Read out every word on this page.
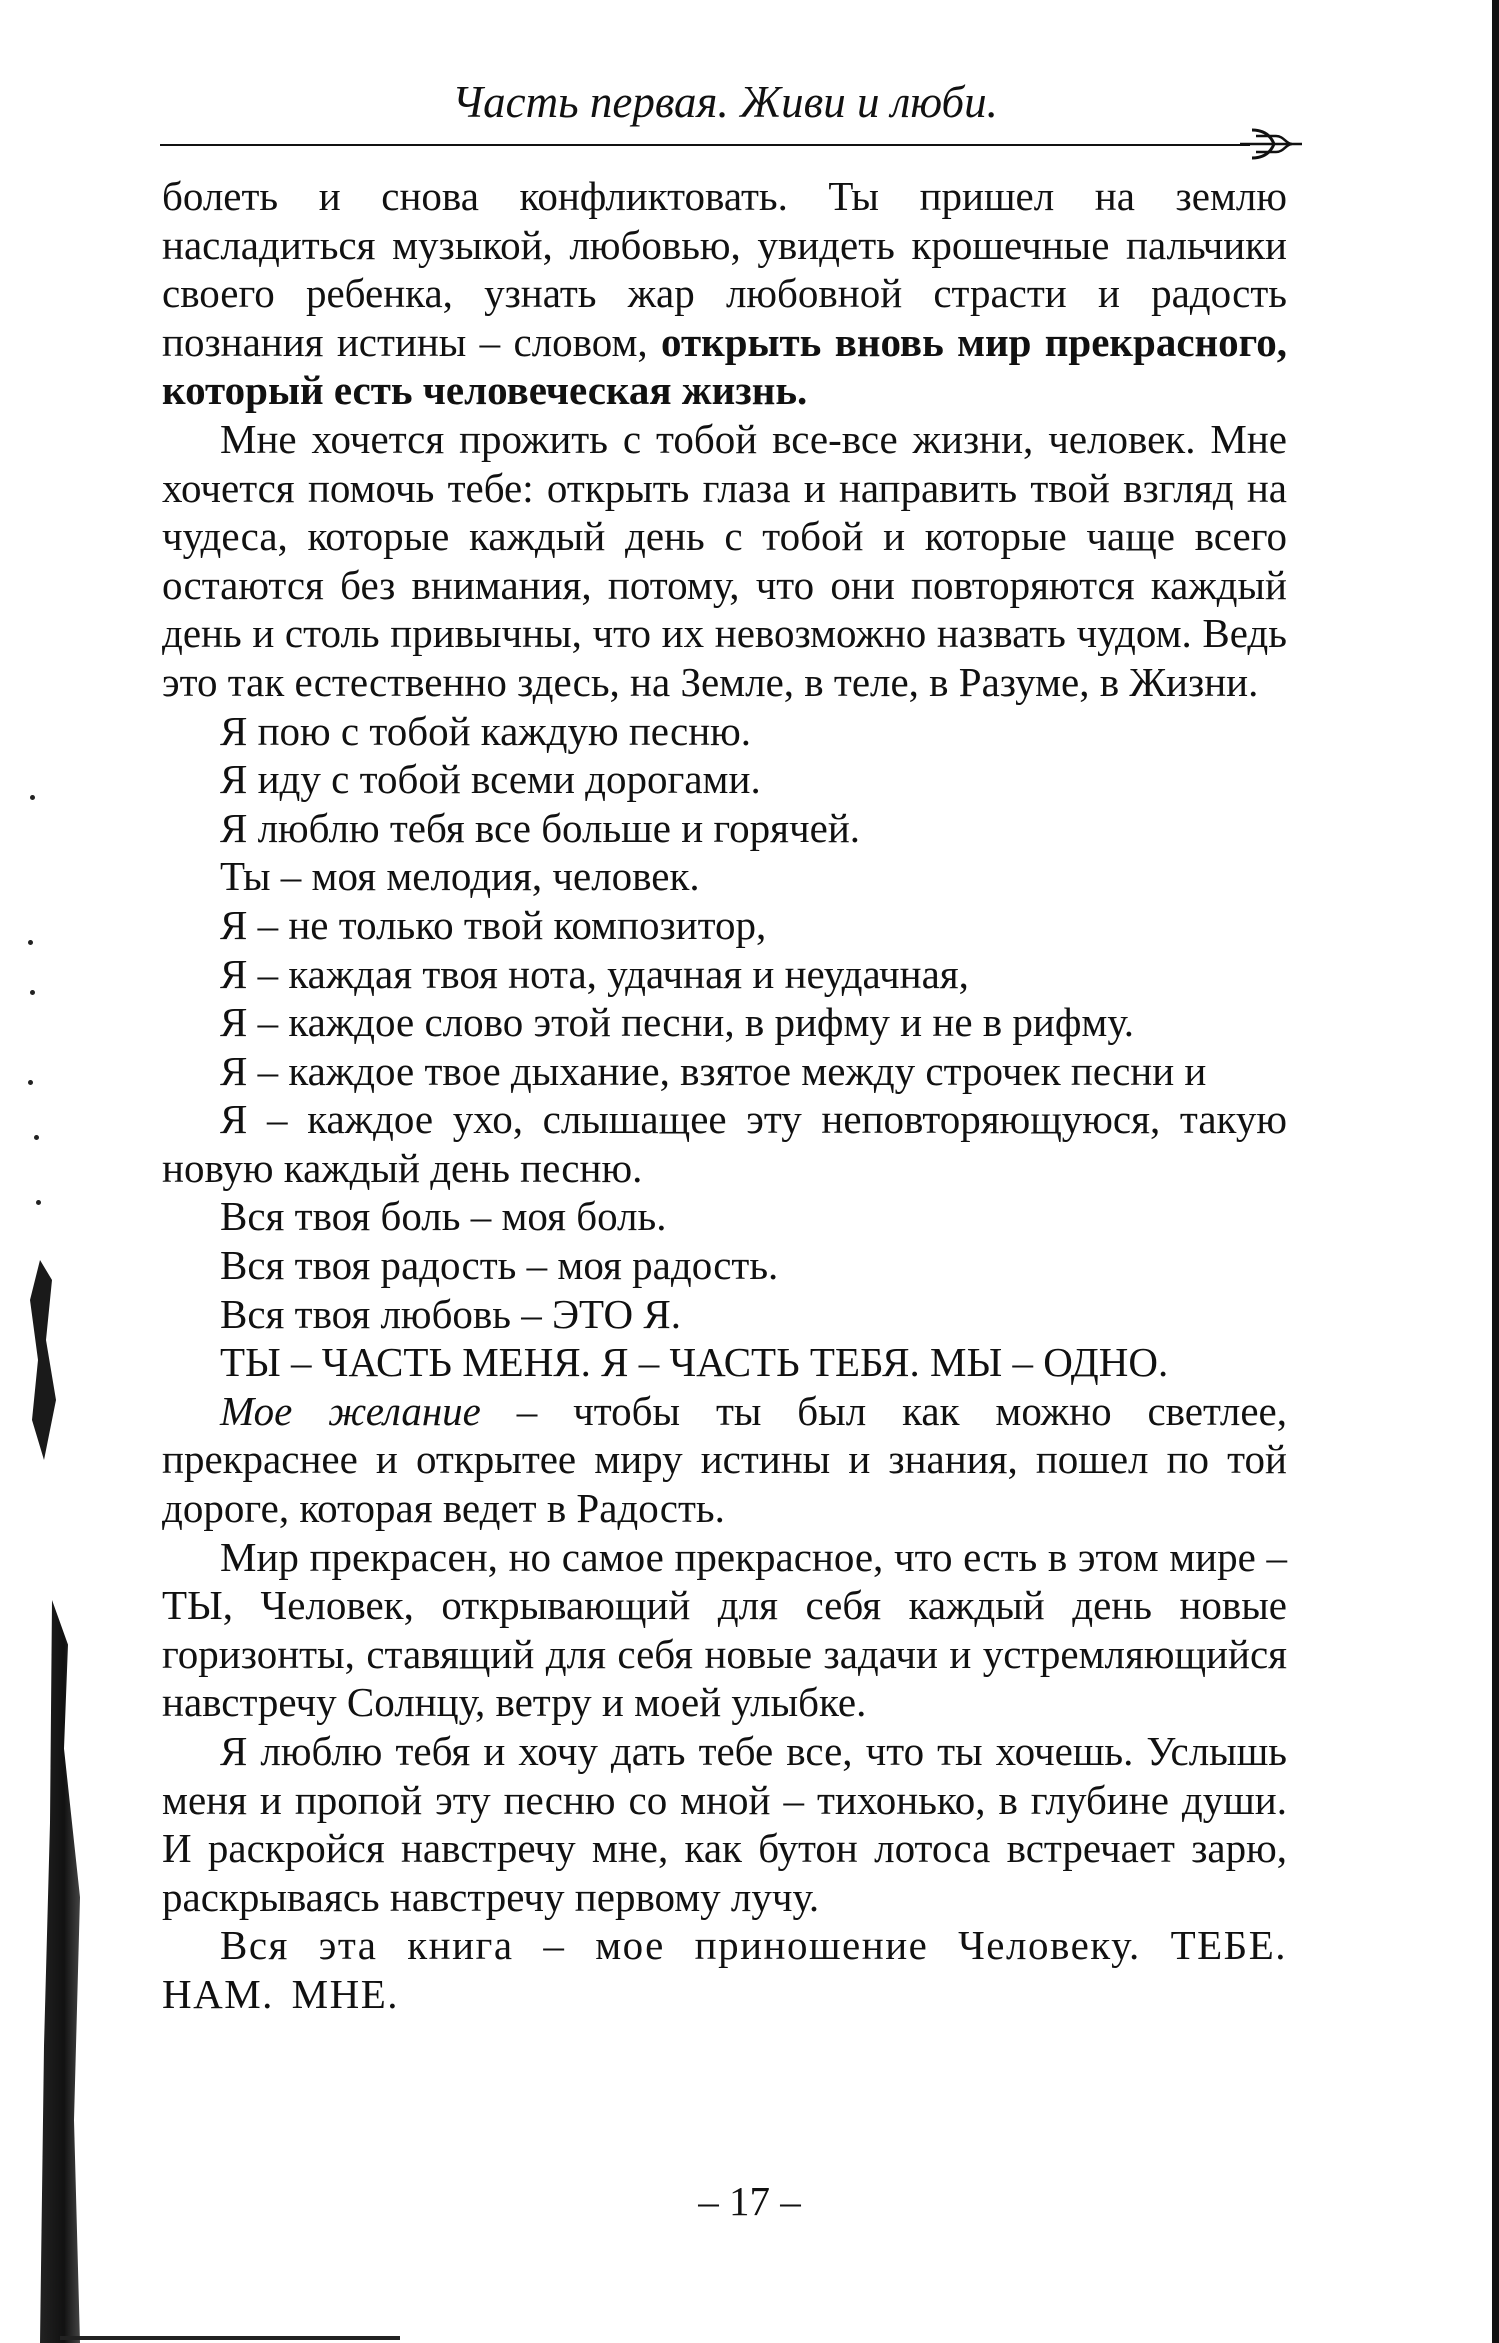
Часть первая. Живи и люби.

болеть и снова конфликтовать. Ты пришел на землю насладиться музыкой, любовью, увидеть крошечные пальчики своего ребенка, узнать жар любовной страсти и радость познания истины – словом, открыть вновь мир прекрасного, который есть человеческая жизнь.

Мне хочется прожить с тобой все-все жизни, человек. Мне хочется помочь тебе: открыть глаза и направить твой взгляд на чудеса, которые каждый день с тобой и которые чаще всего остаются без внимания, потому, что они повторяются каждый день и столь привычны, что их невозможно назвать чудом. Ведь это так естественно здесь, на Земле, в теле, в Разуме, в Жизни.

Я пою с тобой каждую песню.

Я иду с тобой всеми дорогами.

Я люблю тебя все больше и горячей.

Ты – моя мелодия, человек.

Я – не только твой композитор,

Я – каждая твоя нота, удачная и неудачная,

Я – каждое слово этой песни, в рифму и не в рифму.

Я – каждое твое дыхание, взятое между строчек песни и

Я – каждое ухо, слышащее эту неповторяющуюся, такую новую каждый день песню.

Вся твоя боль – моя боль.

Вся твоя радость – моя радость.

Вся твоя любовь – ЭТО Я.

ТЫ – ЧАСТЬ МЕНЯ. Я – ЧАСТЬ ТЕБЯ. МЫ – ОДНО.

Мое желание – чтобы ты был как можно светлее, прекраснее и открытее миру истины и знания, пошел по той дороге, которая ведет в Радость.

Мир прекрасен, но самое прекрасное, что есть в этом мире – ТЫ, Человек, открывающий для себя каждый день новые горизонты, ставящий для себя новые задачи и устремляющийся навстречу Солнцу, ветру и моей улыбке.

Я люблю тебя и хочу дать тебе все, что ты хочешь. Услышь меня и пропой эту песню со мной – тихонько, в глубине души. И раскройся навстречу мне, как бутон лотоса встречает зарю, раскрываясь навстречу первому лучу.

Вся эта книга – мое приношение Человеку. ТЕБЕ. НАМ. МНЕ.

– 17 –
